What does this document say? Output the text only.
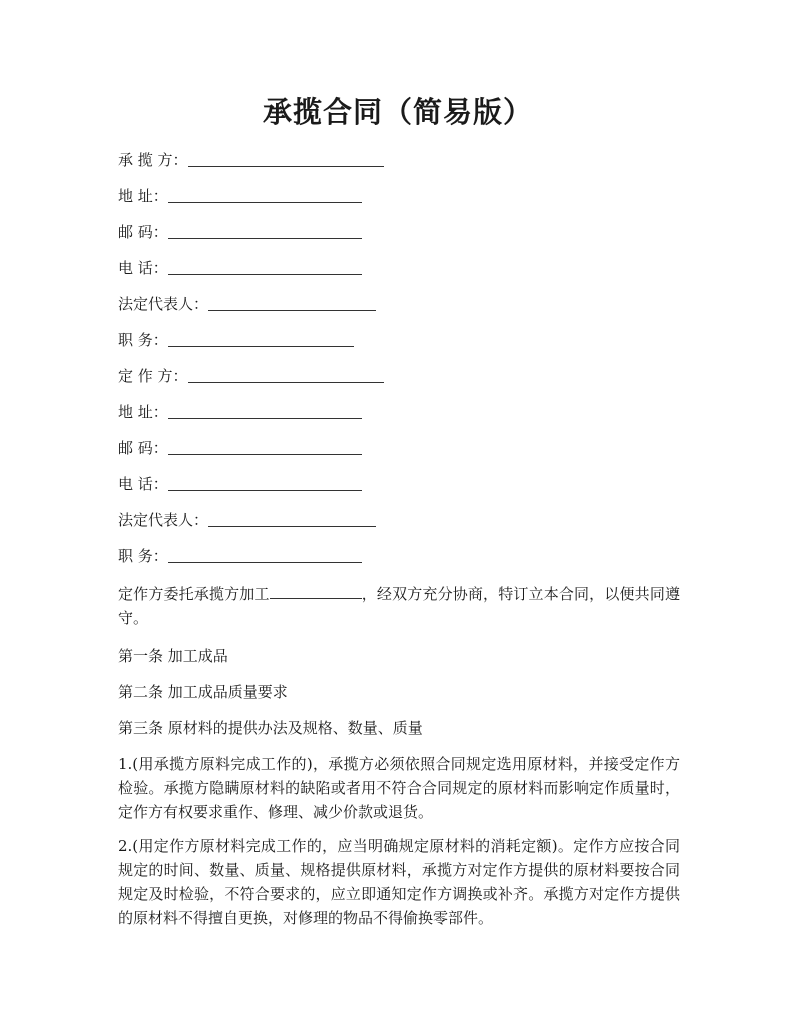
承揽合同（简易版）
承 揽 方：
地 址：
邮 码：
电 话：
法定代表人：
职 务：
定 作 方：
地 址：
邮 码：
电 话：
法定代表人：
职 务：

定作方委托承揽方加工	，经双方充分协商，特订立本合同，以便共同遵守。

第一条 加工成品

第二条 加工成品质量要求

第三条 原材料的提供办法及规格、数量、质量

1.(用承揽方原料完成工作的)，承揽方必须依照合同规定选用原材料，并接受定作方检验。承揽方隐瞒原材料的缺陷或者用不符合合同规定的原材料而影响定作质量时，定作方有权要求重作、修理、减少价款或退货。

2.(用定作方原材料完成工作的，应当明确规定原材料的消耗定额)。定作方应按合同规定的时间、数量、质量、规格提供原材料，承揽方对定作方提供的原材料要按合同规定及时检验，不符合要求的，应立即通知定作方调换或补齐。承揽方对定作方提供的原材料不得擅自更换，对修理的物品不得偷换零部件。
